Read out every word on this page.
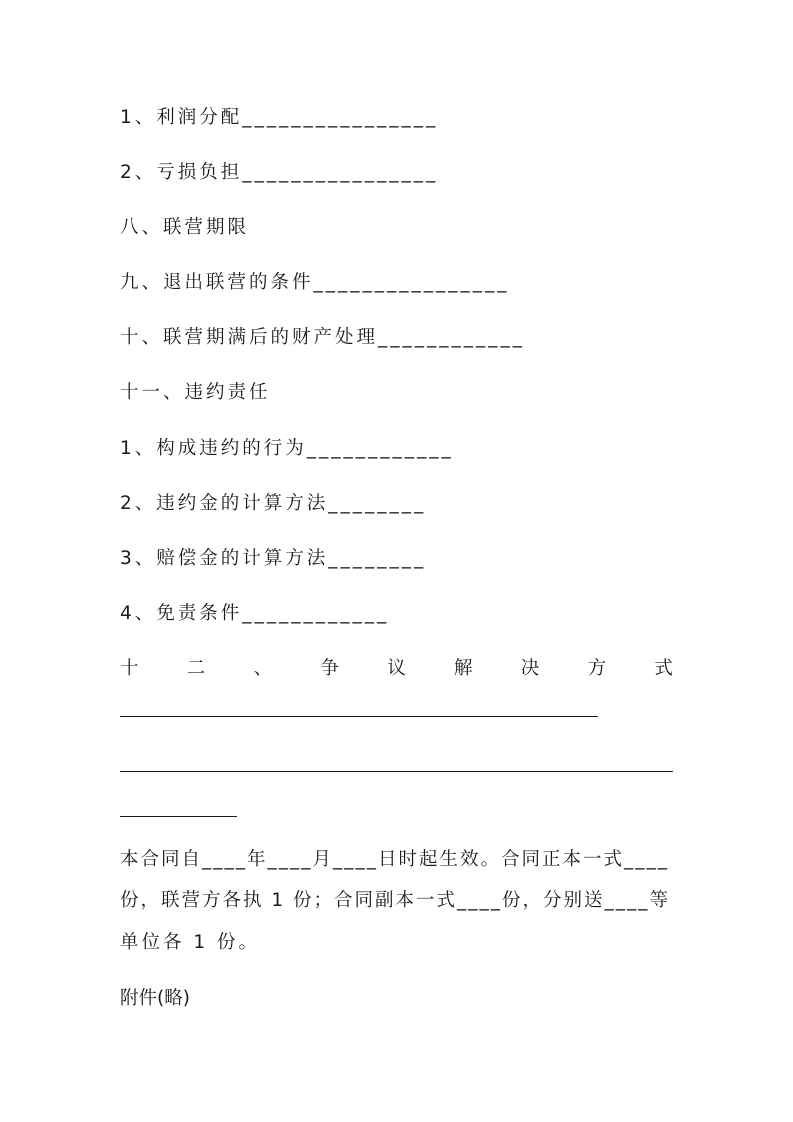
1、利润分配________________
2、亏损负担________________
八、联营期限
九、退出联营的条件________________
十、联营期满后的财产处理____________
十一、违约责任
1、构成违约的行为____________
2、违约金的计算方法________
3、赔偿金的计算方法________
4、免责条件____________
十	二	、	争	议	解	决	方	式
本合同自____年____月____日时起生效。合同正本一式____
份，联营方各执 1 份；合同副本一式____份，分别送____等
单位各 1 份。
附件(略)
